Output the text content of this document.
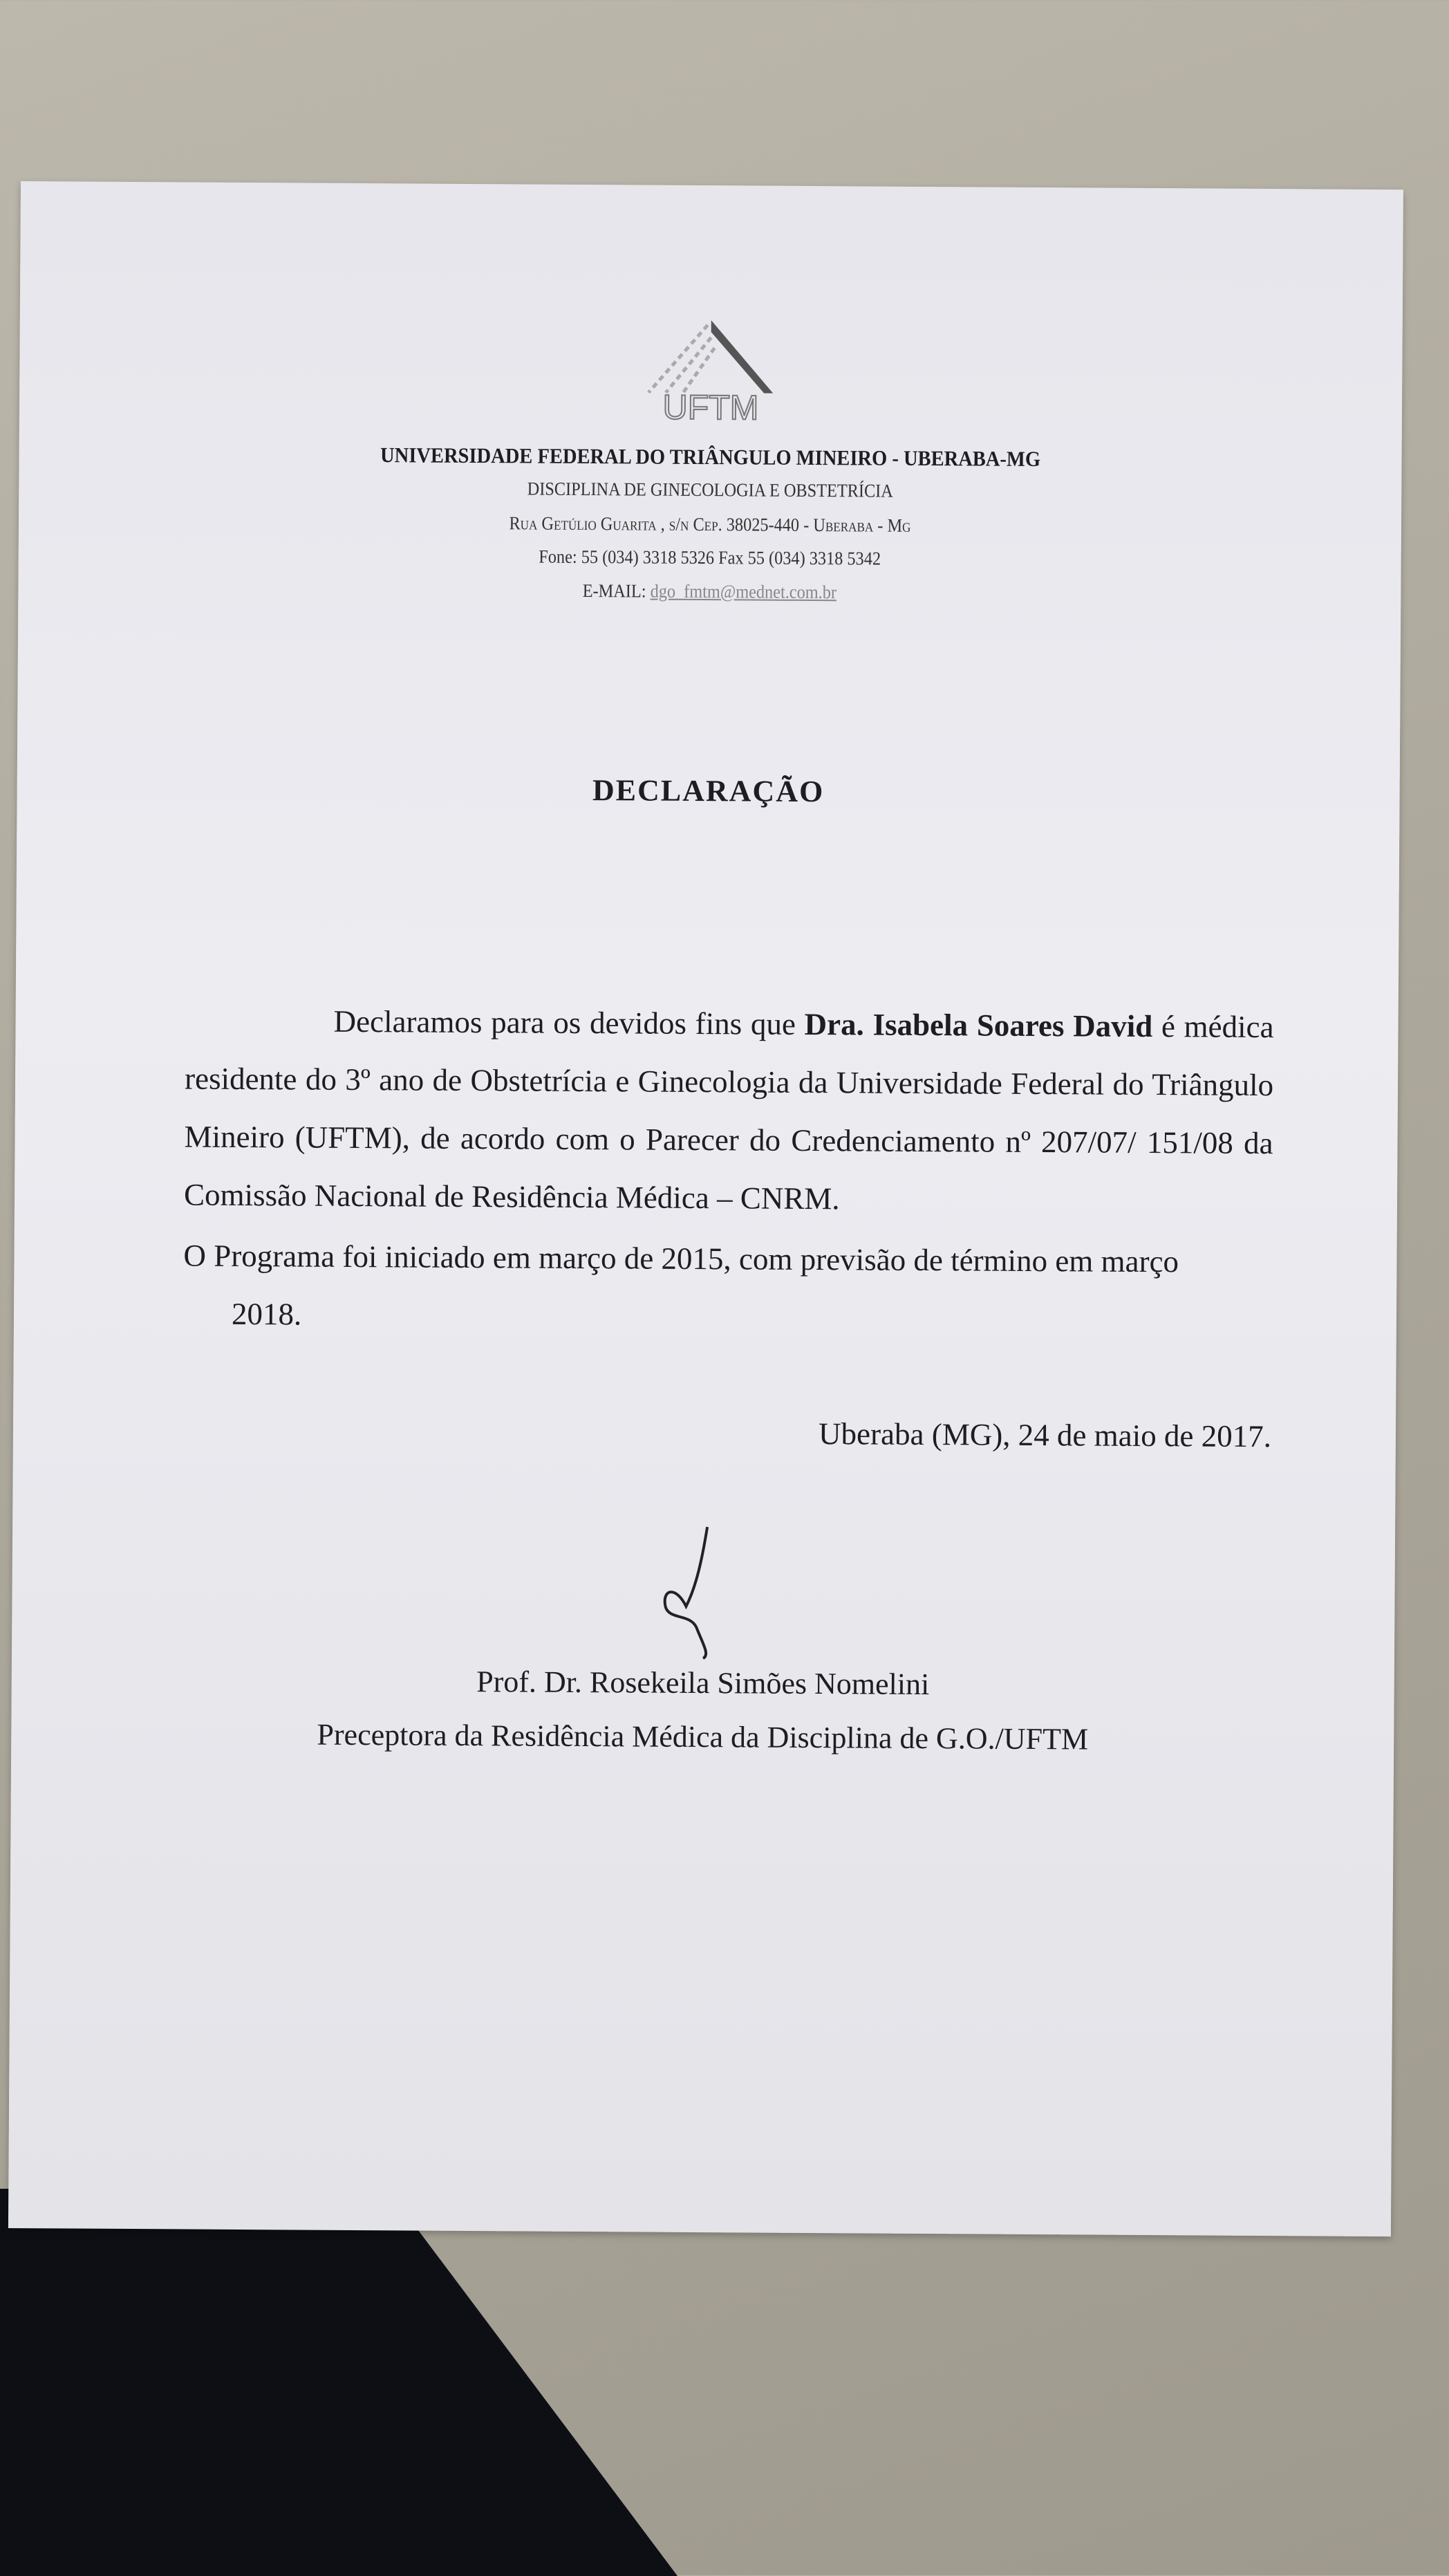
UFTM
UNIVERSIDADE FEDERAL DO TRIÂNGULO MINEIRO - UBERABA-MG
DISCIPLINA DE GINECOLOGIA E OBSTETRÍCIA
Rua Getúlio Guarita , s/n Cep. 38025-440 - Uberaba - Mg
Fone: 55 (034) 3318 5326 Fax 55 (034) 3318 5342
E-MAIL: dgo_fmtm@mednet.com.br
DECLARAÇÃO
Declaramos para os devidos fins que Dra. Isabela Soares David é médica residente do 3º ano de Obstetrícia e Ginecologia da Universidade Federal do Triângulo Mineiro (UFTM), de acordo com o Parecer do Credenciamento nº 207/07/ 151/08 da Comissão Nacional de Residência Médica – CNRM.
O Programa foi iniciado em março de 2015, com previsão de término em março
2018.
Uberaba (MG), 24 de maio de 2017.
Prof. Dr. Rosekeila Simões Nomelini
Preceptora da Residência Médica da Disciplina de G.O./UFTM
